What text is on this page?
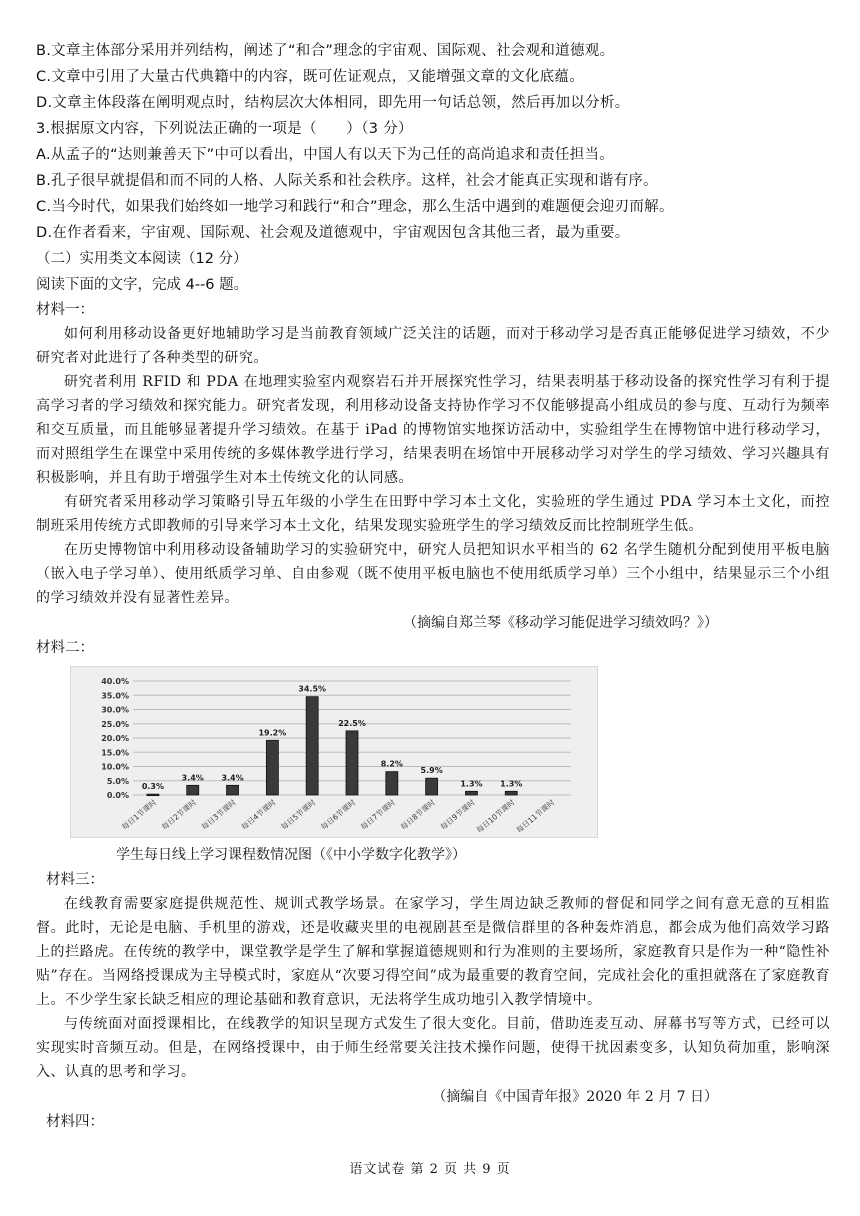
B.文章主体部分采用并列结构，阐述了“和合”理念的宇宙观、国际观、社会观和道德观。
C.文章中引用了大量古代典籍中的内容，既可佐证观点，又能增强文章的文化底蕴。
D.文章主体段落在阐明观点时，结构层次大体相同，即先用一句话总领，然后再加以分析。
3.根据原文内容，下列说法正确的一项是（　　）（3 分）
A.从孟子的“达则兼善天下”中可以看出，中国人有以天下为己任的高尚追求和责任担当。
B.孔子很早就提倡和而不同的人格、人际关系和社会秩序。这样，社会才能真正实现和谐有序。
C.当今时代，如果我们始终如一地学习和践行“和合”理念，那么生活中遇到的难题便会迎刃而解。
D.在作者看来，宇宙观、国际观、社会观及道德观中，宇宙观因包含其他三者，最为重要。
（二）实用类文本阅读（12 分）
阅读下面的文字，完成 4--6 题。
材料一：

如何利用移动设备更好地辅助学习是当前教育领域广泛关注的话题，而对于移动学习是否真正能够促进学习绩效，不少研究者对此进行了各种类型的研究。

研究者利用 RFID 和 PDA 在地理实验室内观察岩石并开展探究性学习，结果表明基于移动设备的探究性学习有利于提高学习者的学习绩效和探究能力。研究者发现，利用移动设备支持协作学习不仅能够提高小组成员的参与度、互动行为频率和交互质量，而且能够显著提升学习绩效。在基于 iPad 的博物馆实地探访活动中，实验组学生在博物馆中进行移动学习，而对照组学生在课堂中采用传统的多媒体教学进行学习，结果表明在场馆中开展移动学习对学生的学习绩效、学习兴趣具有积极影响，并且有助于增强学生对本土传统文化的认同感。

有研究者采用移动学习策略引导五年级的小学生在田野中学习本土文化，实验班的学生通过 PDA 学习本土文化，而控制班采用传统方式即教师的引导来学习本土文化，结果发现实验班学生的学习绩效反而比控制班学生低。

在历史博物馆中利用移动设备辅助学习的实验研究中，研究人员把知识水平相当的 62 名学生随机分配到使用平板电脑（嵌入电子学习单）、使用纸质学习单、自由参观（既不使用平板电脑也不使用纸质学习单）三个小组中，结果显示三个小组的学习绩效并没有显著性差异。

（摘编自郑兰琴《移动学习能促进学习绩效吗？》）
材料二：
0.0%
5.0%
10.0%
15.0%
20.0%
25.0%
30.0%
35.0%
40.0%
0.3%
每日1节课时
3.4%
每日2节课时
3.4%
每日3节课时
19.2%
每日4节课时
34.5%
每日5节课时
22.5%
每日6节课时
8.2%
每日7节课时
5.9%
每日8节课时
1.3%
每日9节课时
1.3%
每日10节课时
每日11节课时
学生每日线上学习课程数情况图（《中小学数字化教学》）
材料三：

在线教育需要家庭提供规范性、规训式教学场景。在家学习，学生周边缺乏教师的督促和同学之间有意无意的互相监督。此时，无论是电脑、手机里的游戏，还是收藏夹里的电视剧甚至是微信群里的各种轰炸消息，都会成为他们高效学习路上的拦路虎。在传统的教学中，课堂教学是学生了解和掌握道德规则和行为准则的主要场所，家庭教育只是作为一种“隐性补贴”存在。当网络授课成为主导模式时，家庭从“次要习得空间”成为最重要的教育空间，完成社会化的重担就落在了家庭教育上。不少学生家长缺乏相应的理论基础和教育意识，无法将学生成功地引入教学情境中。

与传统面对面授课相比，在线教学的知识呈现方式发生了很大变化。目前，借助连麦互动、屏幕书写等方式，已经可以实现实时音频互动。但是，在网络授课中，由于师生经常要关注技术操作问题，使得干扰因素变多，认知负荷加重，影响深入、认真的思考和学习。

（摘编自《中国青年报》2020 年 2 月 7 日）
材料四：
语文试卷 第 2 页 共 9 页
